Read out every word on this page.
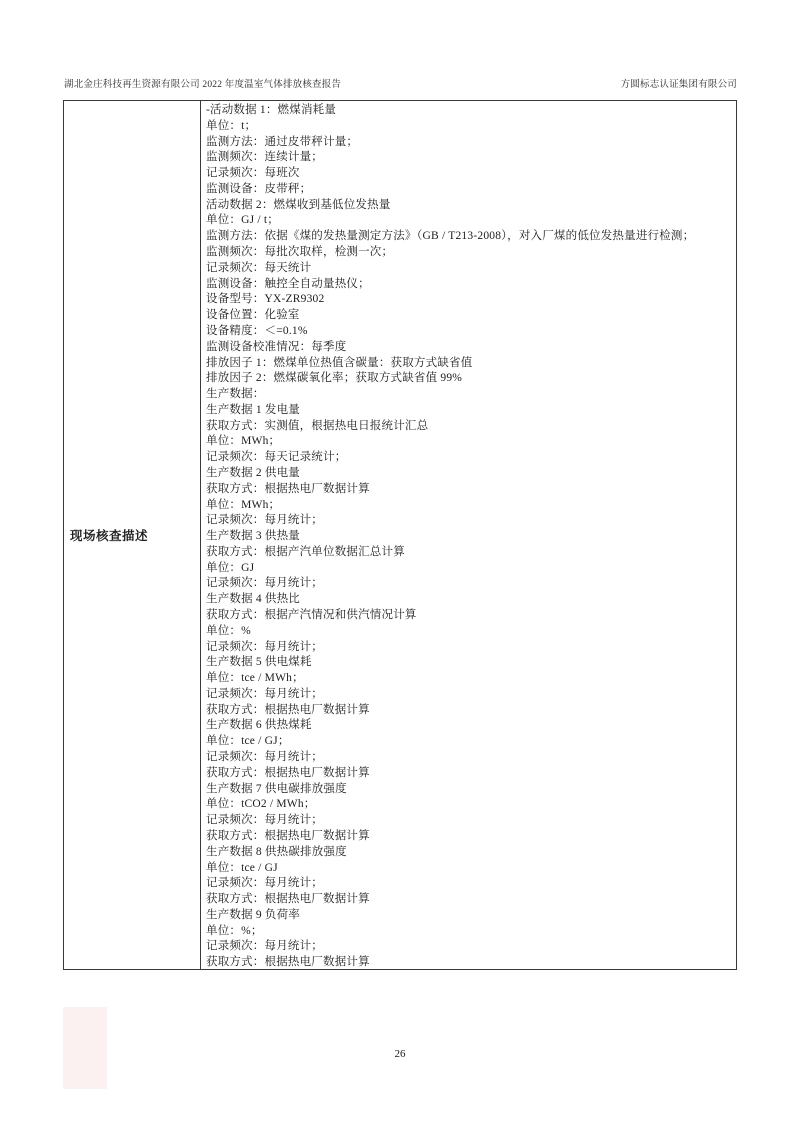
湖北金庄科技再生资源有限公司 2022 年度温室气体排放核查报告	方圆标志认证集团有限公司
现场核查描述
-活动数据 1：燃煤消耗量
单位：t；
监测方法：通过皮带秤计量；
监测频次：连续计量；
记录频次：每班次
监测设备：皮带秤；
活动数据 2：燃煤收到基低位发热量
单位：GJ / t；
监测方法：依据《煤的发热量测定方法》（GB / T213-2008），对入厂煤的低位发热量进行检测；
监测频次：每批次取样，检测一次；
记录频次：每天统计
监测设备：触控全自动量热仪；
设备型号：YX-ZR9302
设备位置：化验室
设备精度：＜=0.1%
监测设备校准情况：每季度
排放因子 1：燃煤单位热值含碳量：获取方式缺省值
排放因子 2：燃煤碳氧化率；获取方式缺省值 99%
生产数据：
生产数据 1 发电量
获取方式：实测值，根据热电日报统计汇总
单位：MWh；
记录频次：每天记录统计；
生产数据 2 供电量
获取方式：根据热电厂数据计算
单位：MWh；
记录频次：每月统计；
生产数据 3 供热量
获取方式：根据产汽单位数据汇总计算
单位：GJ
记录频次：每月统计；
生产数据 4 供热比
获取方式：根据产汽情况和供汽情况计算
单位：%
记录频次：每月统计；
生产数据 5 供电煤耗
单位：tce / MWh；
记录频次：每月统计；
获取方式：根据热电厂数据计算
生产数据 6 供热煤耗
单位：tce / GJ；
记录频次：每月统计；
获取方式：根据热电厂数据计算
生产数据 7 供电碳排放强度
单位：tCO2 / MWh；
记录频次：每月统计；
获取方式：根据热电厂数据计算
生产数据 8 供热碳排放强度
单位：tce / GJ
记录频次：每月统计；
获取方式：根据热电厂数据计算
生产数据 9 负荷率
单位：%；
记录频次：每月统计；
获取方式：根据热电厂数据计算
26
